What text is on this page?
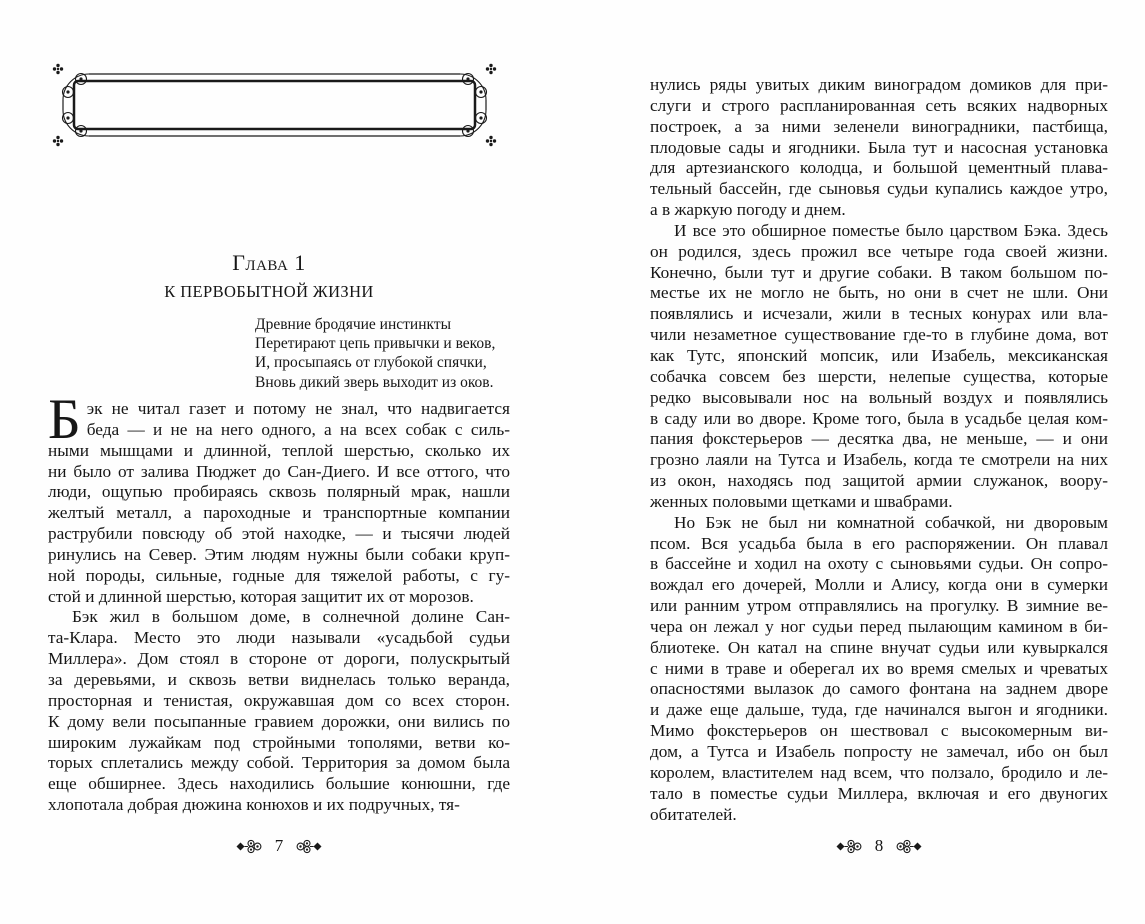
Глава 1
К ПЕРВОБЫТНОЙ ЖИЗНИ
Древние бродячие инстинкты
Перетирают цепь привычки и веков,
И, просыпаясь от глубокой спячки,
Вновь дикий зверь выходит из оков.
Б эк не читал газет и потому не знал, что надвигается
беда — и не на него одного, а на всех собак с силь-
ными мышцами и длинной, теплой шерстью, сколько их
ни было от залива Пюджет до Сан-Диего. И все оттого, что
люди, ощупью пробираясь сквозь полярный мрак, нашли
желтый металл, а пароходные и транспортные компании
раструбили повсюду об этой находке, — и тысячи людей
ринулись на Север. Этим людям нужны были собаки круп-
ной породы, сильные, годные для тяжелой работы, с гу-
стой и длинной шерстью, которая защитит их от морозов.
Бэк жил в большом доме, в солнечной долине Сан-
та-Клара. Место это люди называли «усадьбой судьи
Миллера». Дом стоял в стороне от дороги, полускрытый
за деревьями, и сквозь ветви виднелась только веранда,
просторная и тенистая, окружавшая дом со всех сторон.
К дому вели посыпанные гравием дорожки, они вились по
широким лужайкам под стройными тополями, ветви ко-
торых сплетались между собой. Территория за домом была
еще обширнее. Здесь находились большие конюшни, где
хлопотала добрая дюжина конюхов и их подручных, тя-
7
нулись ряды увитых диким виноградом домиков для при-
слуги и строго распланированная сеть всяких надворных
построек, а за ними зеленели виноградники, пастбища,
плодовые сады и ягодники. Была тут и насосная установка
для артезианского колодца, и большой цементный плава-
тельный бассейн, где сыновья судьи купались каждое утро,
а в жаркую погоду и днем.
И все это обширное поместье было царством Бэка. Здесь
он родился, здесь прожил все четыре года своей жизни.
Конечно, были тут и другие собаки. В таком большом по-
местье их не могло не быть, но они в счет не шли. Они
появлялись и исчезали, жили в тесных конурах или вла-
чили незаметное существование где-то в глубине дома, вот
как Тутс, японский мопсик, или Изабель, мексиканская
собачка совсем без шерсти, нелепые существа, которые
редко высовывали нос на вольный воздух и появлялись
в саду или во дворе. Кроме того, была в усадьбе целая ком-
пания фокстерьеров — десятка два, не меньше, — и они
грозно лаяли на Тутса и Изабель, когда те смотрели на них
из окон, находясь под защитой армии служанок, воору-
женных половыми щетками и швабрами.
Но Бэк не был ни комнатной собачкой, ни дворовым
псом. Вся усадьба была в его распоряжении. Он плавал
в бассейне и ходил на охоту с сыновьями судьи. Он сопро-
вождал его дочерей, Молли и Алису, когда они в сумерки
или ранним утром отправлялись на прогулку. В зимние ве-
чера он лежал у ног судьи перед пылающим камином в би-
блиотеке. Он катал на спине внучат судьи или кувыркался
с ними в траве и оберегал их во время смелых и чреватых
опасностями вылазок до самого фонтана на заднем дворе
и даже еще дальше, туда, где начинался выгон и ягодники.
Мимо фокстерьеров он шествовал с высокомерным ви-
дом, а Тутса и Изабель попросту не замечал, ибо он был
королем, властителем над всем, что ползало, бродило и ле-
тало в поместье судьи Миллера, включая и его двуногих
обитателей.
8
